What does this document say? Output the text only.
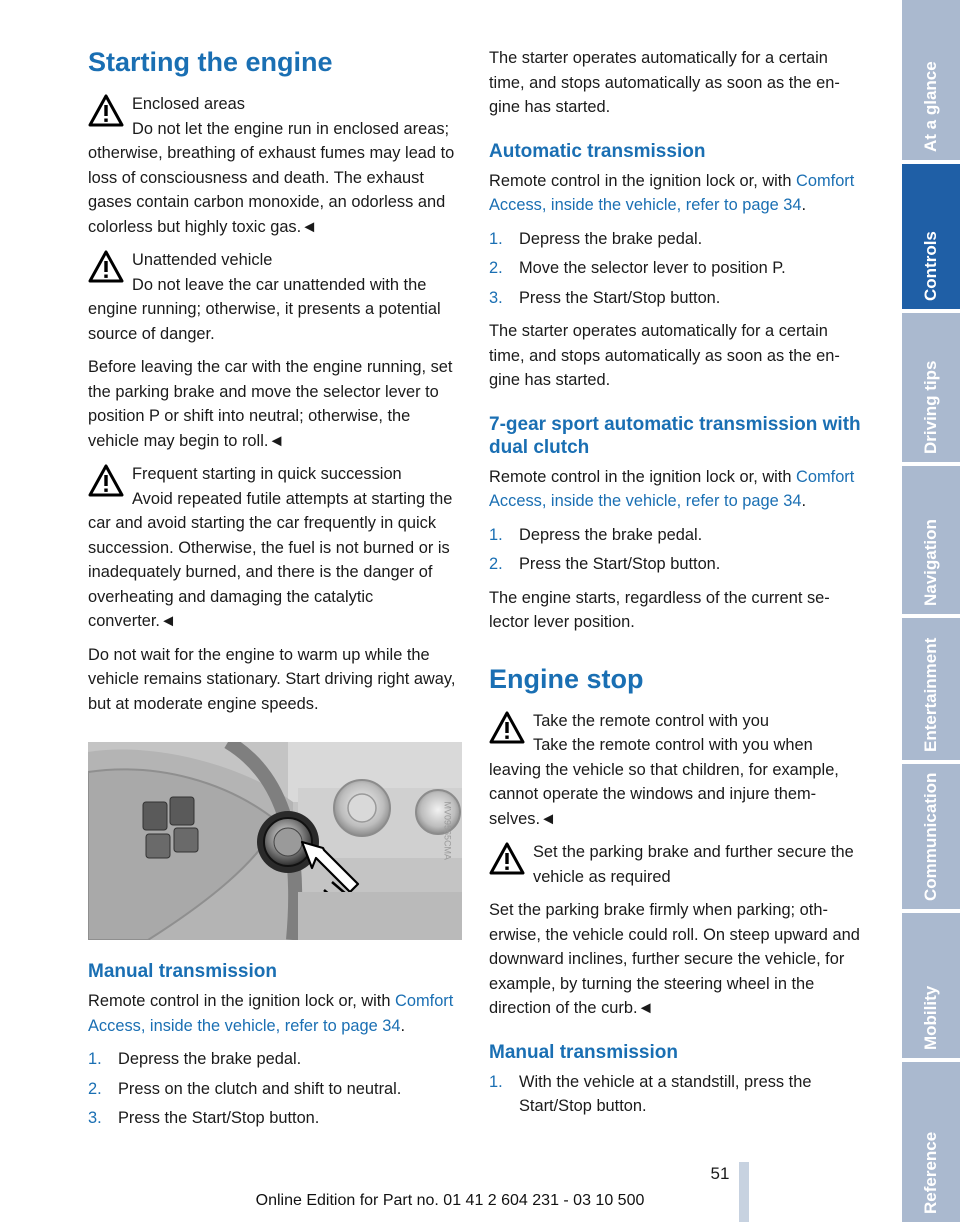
Starting the engine
Enclosed areas
Do not let the engine run in enclosed areas; otherwise, breathing of exhaust fumes may lead to loss of consciousness and death. The exhaust gases contain carbon monoxide, an odorless and colorless but highly toxic gas.◄
Unattended vehicle
Do not leave the car unattended with the engine running; otherwise, it presents a potential source of danger.

Before leaving the car with the engine running, set the parking brake and move the selector lever to position P or shift into neutral; otherwise, the vehicle may begin to roll.◄

Frequent starting in quick succession
Avoid repeated futile attempts at starting the car and avoid starting the car frequently in quick succession. Otherwise, the fuel is not burned or is inadequately burned, and there is the danger of overheating and damaging the catalytic converter.◄

Do not wait for the engine to warm up while the vehicle remains stationary. Start driving right away, but at moderate engine speeds.

MV09565CMA
Manual transmission

Remote control in the ignition lock or, with Comfort Access, inside the vehicle, refer to page 34.

1. Depress the brake pedal.
2. Press on the clutch and shift to neutral.
3. Press the Start/Stop button.

The starter operates automatically for a certain time, and stops automatically as soon as the engine has started.

Automatic transmission

Remote control in the ignition lock or, with Comfort Access, inside the vehicle, refer to page 34.

1. Depress the brake pedal.
2. Move the selector lever to position P.
3. Press the Start/Stop button.

The starter operates automatically for a certain time, and stops automatically as soon as the engine has started.

7-gear sport automatic transmission with dual clutch

Remote control in the ignition lock or, with Comfort Access, inside the vehicle, refer to page 34.

1. Depress the brake pedal.
2. Press the Start/Stop button.

The engine starts, regardless of the current selector lever position.

Engine stop
Take the remote control with you
Take the remote control with you when leaving the vehicle so that children, for example, cannot operate the windows and injure themselves.◄
Set the parking brake and further secure the vehicle as required

Set the parking brake firmly when parking; otherwise, the vehicle could roll. On steep upward and downward inclines, further secure the vehicle, for example, by turning the steering wheel in the direction of the curb.◄

Manual transmission
1. With the vehicle at a standstill, press the Start/Stop button.
At a glance
Controls
Driving tips
Navigation
Entertainment
Communication
Mobility
Reference
51
Online Edition for Part no. 01 41 2 604 231 - 03 10 500
